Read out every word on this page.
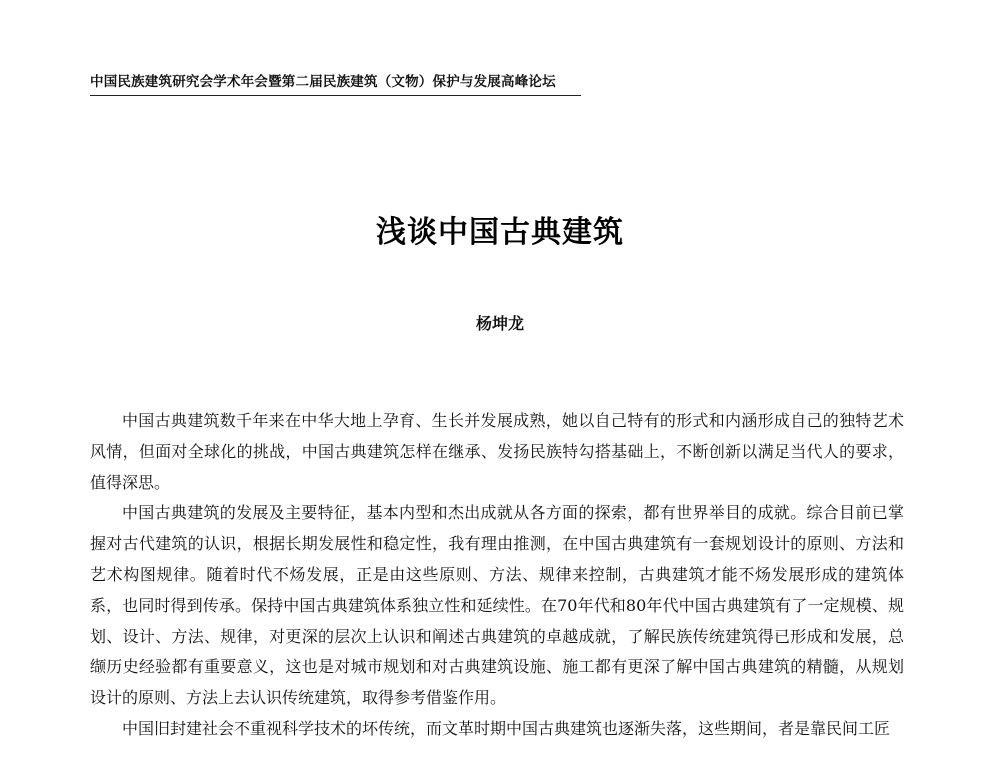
中国民族建筑研究会学术年会暨第二届民族建筑（文物）保护与发展高峰论坛
浅谈中国古典建筑
杨坤龙

中国古典建筑数千年来在中华大地上孕育、生长并发展成熟，她以自己特有的形式和内涵形成自己的独特艺术风情，但面对全球化的挑战，中国古典建筑怎样在继承、发扬民族特勾搭基础上，不断创新以满足当代人的要求，值得深思。

中国古典建筑的发展及主要特征，基本内型和杰出成就从各方面的探索，都有世界举目的成就。综合目前已掌握对古代建筑的认识，根据长期发展性和稳定性，我有理由推测，在中国古典建筑有一套规划设计的原则、方法和艺术构图规律。随着时代不炀发展，正是由这些原则、方法、规律来控制，古典建筑才能不炀发展形成的建筑体系，也同时得到传承。保持中国古典建筑体系独立性和延续性。在70年代和80年代中国古典建筑有了一定规模、规划、设计、方法、规律，对更深的层次上认识和阐述古典建筑的卓越成就，了解民族传统建筑得已形成和发展，总缬历史经验都有重要意义，这也是对城市规划和对古典建筑设施、施工都有更深了解中国古典建筑的精髓，从规划设计的原则、方法上去认识传统建筑，取得参考借鉴作用。

中国旧封建社会不重视科学技术的坏传统，而文革时期中国古典建筑也逐渐失落，这些期间，者是靠民间工匠
